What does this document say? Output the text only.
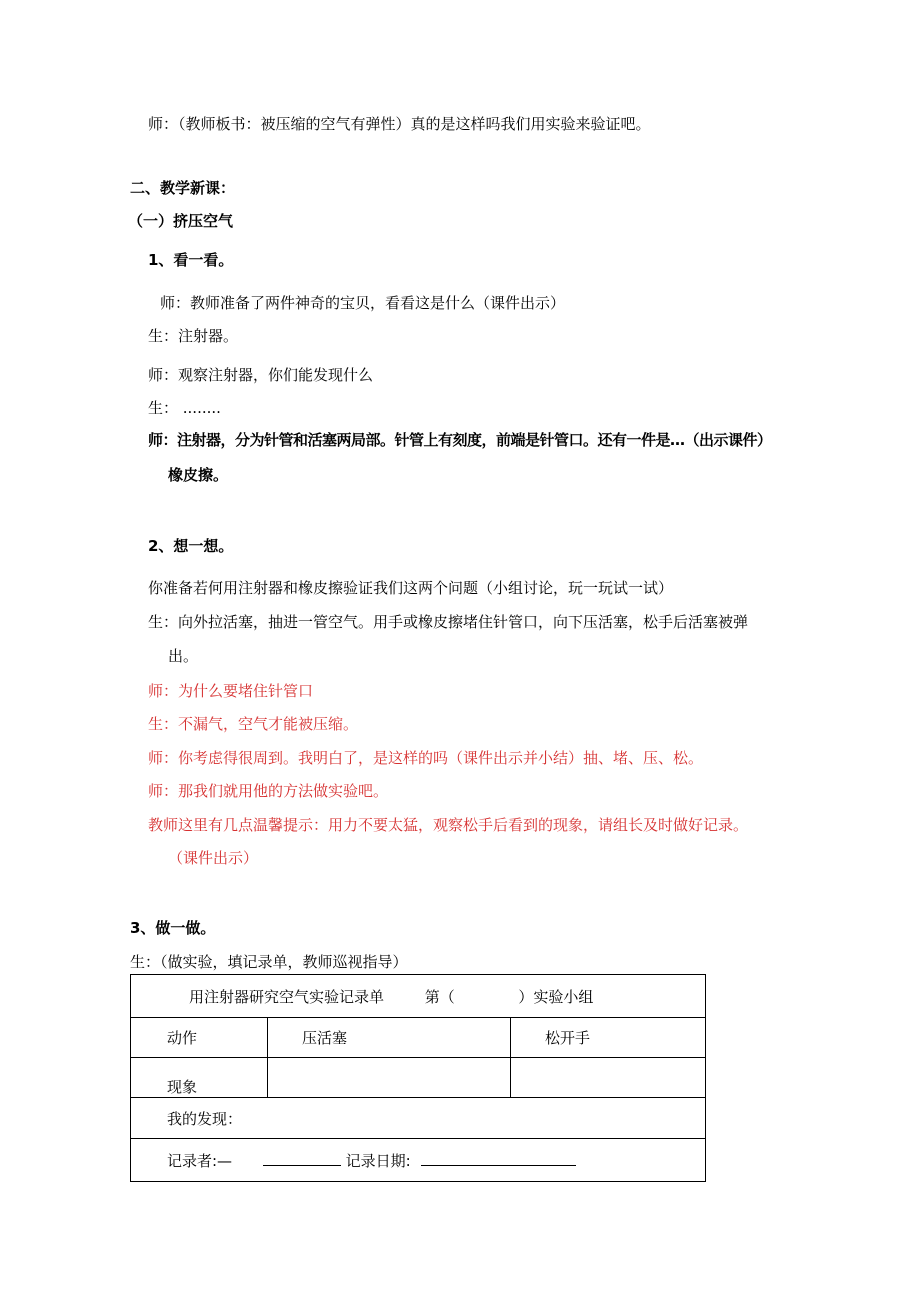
师：（教师板书：被压缩的空气有弹性）真的是这样吗我们用实验来验证吧。
二、教学新课：
（一）挤压空气
1、看一看。
师：教师准备了两件神奇的宝贝，看看这是什么（课件出示）
生：注射器。
师：观察注射器，你们能发现什么
生： ........
师：注射器，分为针管和活塞两局部。针管上有刻度，前端是针管口。还有一件是…（出示课件）
橡皮擦。
2、想一想。
你准备若何用注射器和橡皮擦验证我们这两个问题（小组讨论，玩一玩试一试）
生：向外拉活塞，抽进一管空气。用手或橡皮擦堵住针管口，向下压活塞，松手后活塞被弹
出。
师：为什么要堵住针管口
生：不漏气，空气才能被压缩。
师：你考虑得很周到。我明白了，是这样的吗（课件出示并小结）抽、堵、压、松。
师：那我们就用他的方法做实验吧。
教师这里有几点温馨提示：用力不要太猛，观察松手后看到的现象，请组长及时做好记录。
（课件出示）
3、做一做。
生：（做实验，填记录单，教师巡视指导）
用注射器研究空气实验记录单 第（ ）实验小组		
动作	压活塞	松开手
现象		
我的发现：		
记录者:— 记录日期:		
